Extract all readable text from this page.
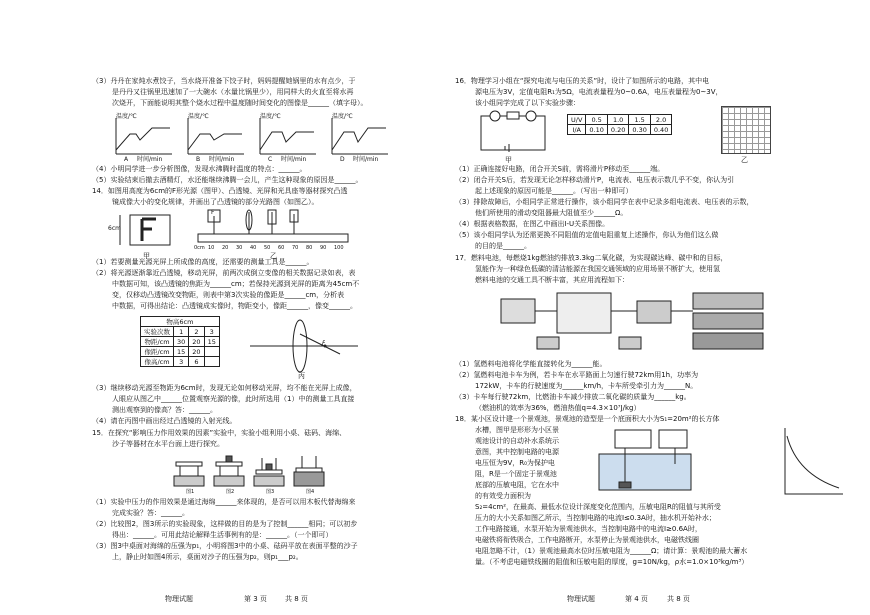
（3）丹丹在家炖水煮饺子，当水烧开准备下饺子时，妈妈提醒她锅里的水有点少，于
是丹丹又往锅里迅速加了一大碗水（水量比锅里少），用同样大的火直至将水再
次烧开，下面能说明其整个烧水过程中温度随时间变化的图像是______（填字母）。
温度/℃	温度/℃	温度/℃	温度/℃
A 时间/min	B 时间/min	C 时间/min	D 时间/min
（4）小明同学进一步分析图像，发现水沸腾时温度的特点：______。
（5）实验结束后撤去酒精灯，水还能继续沸腾一会儿，产生这种现象的原因是______。
14．如图用高度为6cm的F形光源（图甲）、凸透镜、光屏和光具座等器材探究凸透
镜成像大小的变化规律，并画出了凸透镜的部分光路图（如图乙）。
6cm
甲
F
乙
0cm 10 20 30 40 50 60 70 80 90 100
（1）若要测量光源光屏上所成像的高度，还需要的测量工具是______。
（2）将光源逐渐靠近凸透镜，移动光屏，前两次成倒立变像的相关数据记录如表，表
中数据可知，该凸透镜的焦距为______cm；若保持光源到光屏的距离为45cm不
变，仅移动凸透镜改变物距，则表中第3次实验的像距是______cm，分析表
中数据，可得出结论：凸透镜成实像时，物距变小，像距______，像变______。
物高6cm			
实验次数	1	2	3
物距/cm	30	20	15
像距/cm	15	20	
像高/cm	3	6	
F
丙
（3）继续移动光源至物距为6cm时，发现无论如何移动光屏，均不能在光屏上成像，
人眼应从图乙中______位置观察光源的像，此时所选用（1）中的测量工具直接
测出观察到的像高？答：______。
（4）请在丙图中画出经过凸透镜的入射光线。
15．在探究“影响压力作用效果的因素”实验中，实验小组利用小桌、砝码、海绵、
沙子等器材在水平台面上进行探究。
图1	图2	图3	图4
（1）实验中压力的作用效果是通过海绵______来体现的，是否可以用木板代替海绵来
完成实验？答：______。
（2）比较图2，图3所示的实验现象，这样做的目的是为了控制______相同；可以初步
得出：______。可用此结论解释生活事例有的是：______。（一个即可）
（3）图3中桌面对海绵的压强为p₁，小明将图3中的小桌、砝码平放在表面平整的沙子
上，静止时如图4所示，桌面对沙子的压强为p₂，则p₁___p₂。
物理试题	第 3 页	共 8 页
16．物理学习小组在“探究电流与电压的关系”时，设计了如图所示的电路，其中电
源电压为3V，定值电阻R₁为5Ω，电流表量程为0~0.6A，电压表量程为0~3V，
该小组同学完成了以下实验步骤：
甲
U/V	0.5	1.0	1.5	2.0
I/A	0.10	0.20	0.30	0.40
乙
（1）正确连接好电路，闭合开关S前，需将滑片P移动至______端。
（2）闭合开关S后，若发现无论怎样移动滑片P，电流表、电压表示数几乎不变，你认为引
起上述现象的原因可能是______。（写出一种即可）
（3）排除故障后，小组同学正常进行操作，该小组同学在表中记录多组电流表、电压表的示数，
他们所使用的滑动变阻器最大阻值至少______Ω。
（4）根据表格数据，在图乙中画出I-U关系图像。
（5）该小组同学认为还需更换不同阻值的定值电阻重复上述操作，你认为他们这么做
的目的是______。
17．燃料电池，每燃烧1kg燃油约排放3.3kg二氧化碳，为实现碳达峰、碳中和的目标，
氢能作为一种绿色低碳的清洁能源在我国交通领域的应用场景不断扩大，使用氢
燃料电池的交通工具不断丰富，其应用流程如下：
（1）氢燃料电池将化学能直接转化为______能。
（2）氢燃料电池卡车为例，若卡车在水平路面上匀速行驶72km用1h，功率为
172kW，卡车的行驶速度为______km/h，卡车所受牵引力为______N。
（3）卡车每行驶72km，比燃油卡车减少排放二氧化碳的质量为______kg。
（燃油机的效率为36%，燃油热值q=4.3×10⁷J/kg）
18．某小区设计建一个景观池，景观池的造型是一个底面积大小为S₁=20m²的长方体
水槽，图甲是形形为小区景
观池设计的自动补水系统示
意图，其中控制电路的电源
电压恒为9V，R₀为保护电
阻，R是一个固定于景观池
底部的压敏电阻，它在水中
的有效受力面积为
S₂=4cm²，在最高、最低水位设计深度变化范围内，压敏电阻R的阻值与其所受
压力的大小关系如图乙所示，当控制电路的电流I≤0.3A时，抽水机开始补水；
工作电路接通，水泵开始为景观池供水，当控制电路中的电流I≥0.6A时，
电磁铁将衔铁吸合，工作电路断开，水泵停止为景观池供水，电磁铁线圈
电阻忽略不计，（1）景观池最高水位时压敏电阻为______Ω；请计算：景观池的最大蓄水
量。（不考虑电磁铁线圈的阻值和压敏电阻的厚度，g=10N/kg，ρ水=1.0×10³kg/m³）
物理试题	第 4 页	共 8 页
